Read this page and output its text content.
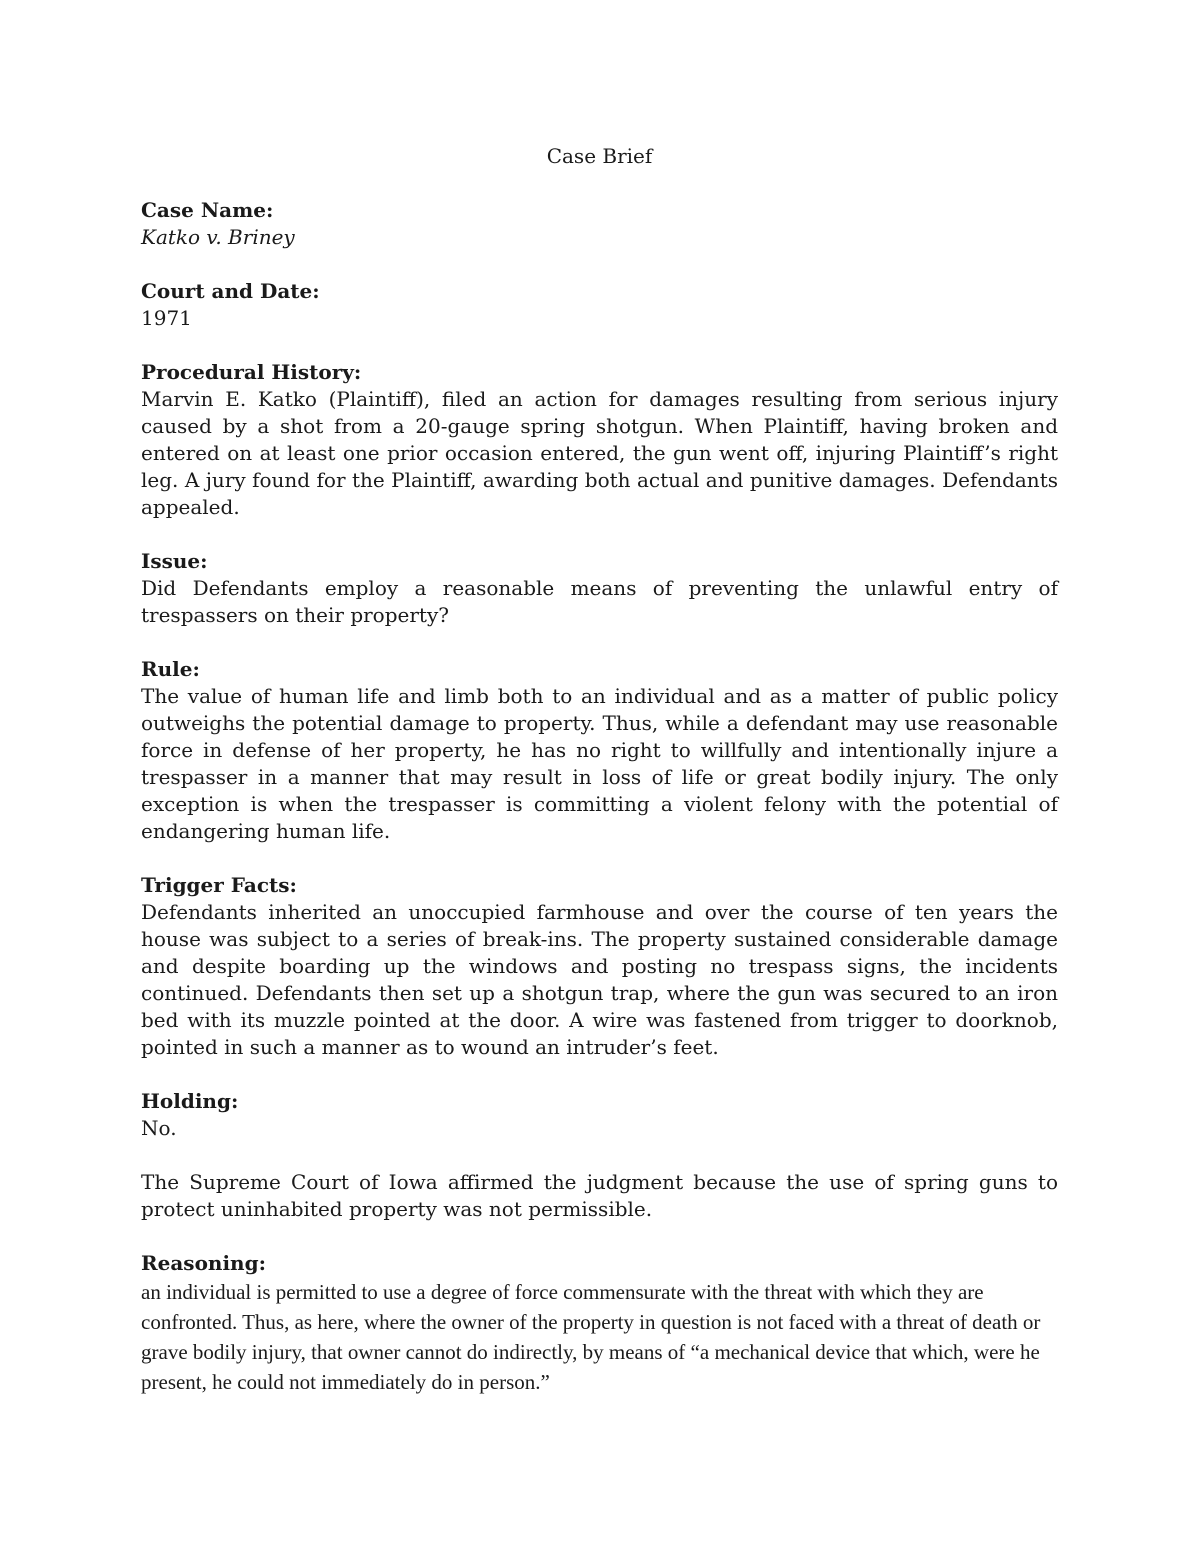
Case Brief

Case Name:

Katko v. Briney

Court and Date:

1971

Procedural History:

Marvin E. Katko (Plaintiff), filed an action for damages resulting from serious injury caused by a shot from a 20-gauge spring shotgun. When Plaintiff, having broken and entered on at least one prior occasion entered, the gun went off, injuring Plaintiff’s right leg. A jury found for the Plaintiff, awarding both actual and punitive damages. Defendants appealed.

Issue:

Did Defendants employ a reasonable means of preventing the unlawful entry of trespassers on their property?

Rule:

The value of human life and limb both to an individual and as a matter of public policy outweighs the potential damage to property. Thus, while a defendant may use reasonable force in defense of her property, he has no right to willfully and intentionally injure a trespasser in a manner that may result in loss of life or great bodily injury. The only exception is when the trespasser is committing a violent felony with the potential of endangering human life.

Trigger Facts:

Defendants inherited an unoccupied farmhouse and over the course of ten years the house was subject to a series of break-ins. The property sustained considerable damage and despite boarding up the windows and posting no trespass signs, the incidents continued. Defendants then set up a shotgun trap, where the gun was secured to an iron bed with its muzzle pointed at the door. A wire was fastened from trigger to doorknob, pointed in such a manner as to wound an intruder’s feet.

Holding:

No.

The Supreme Court of Iowa affirmed the judgment because the use of spring guns to protect uninhabited property was not permissible.

Reasoning:

an individual is permitted to use a degree of force commensurate with the threat with which they are confronted. Thus, as here, where the owner of the property in question is not faced with a threat of death or grave bodily injury, that owner cannot do indirectly, by means of “a mechanical device that which, were he present, he could not immediately do in person.”
